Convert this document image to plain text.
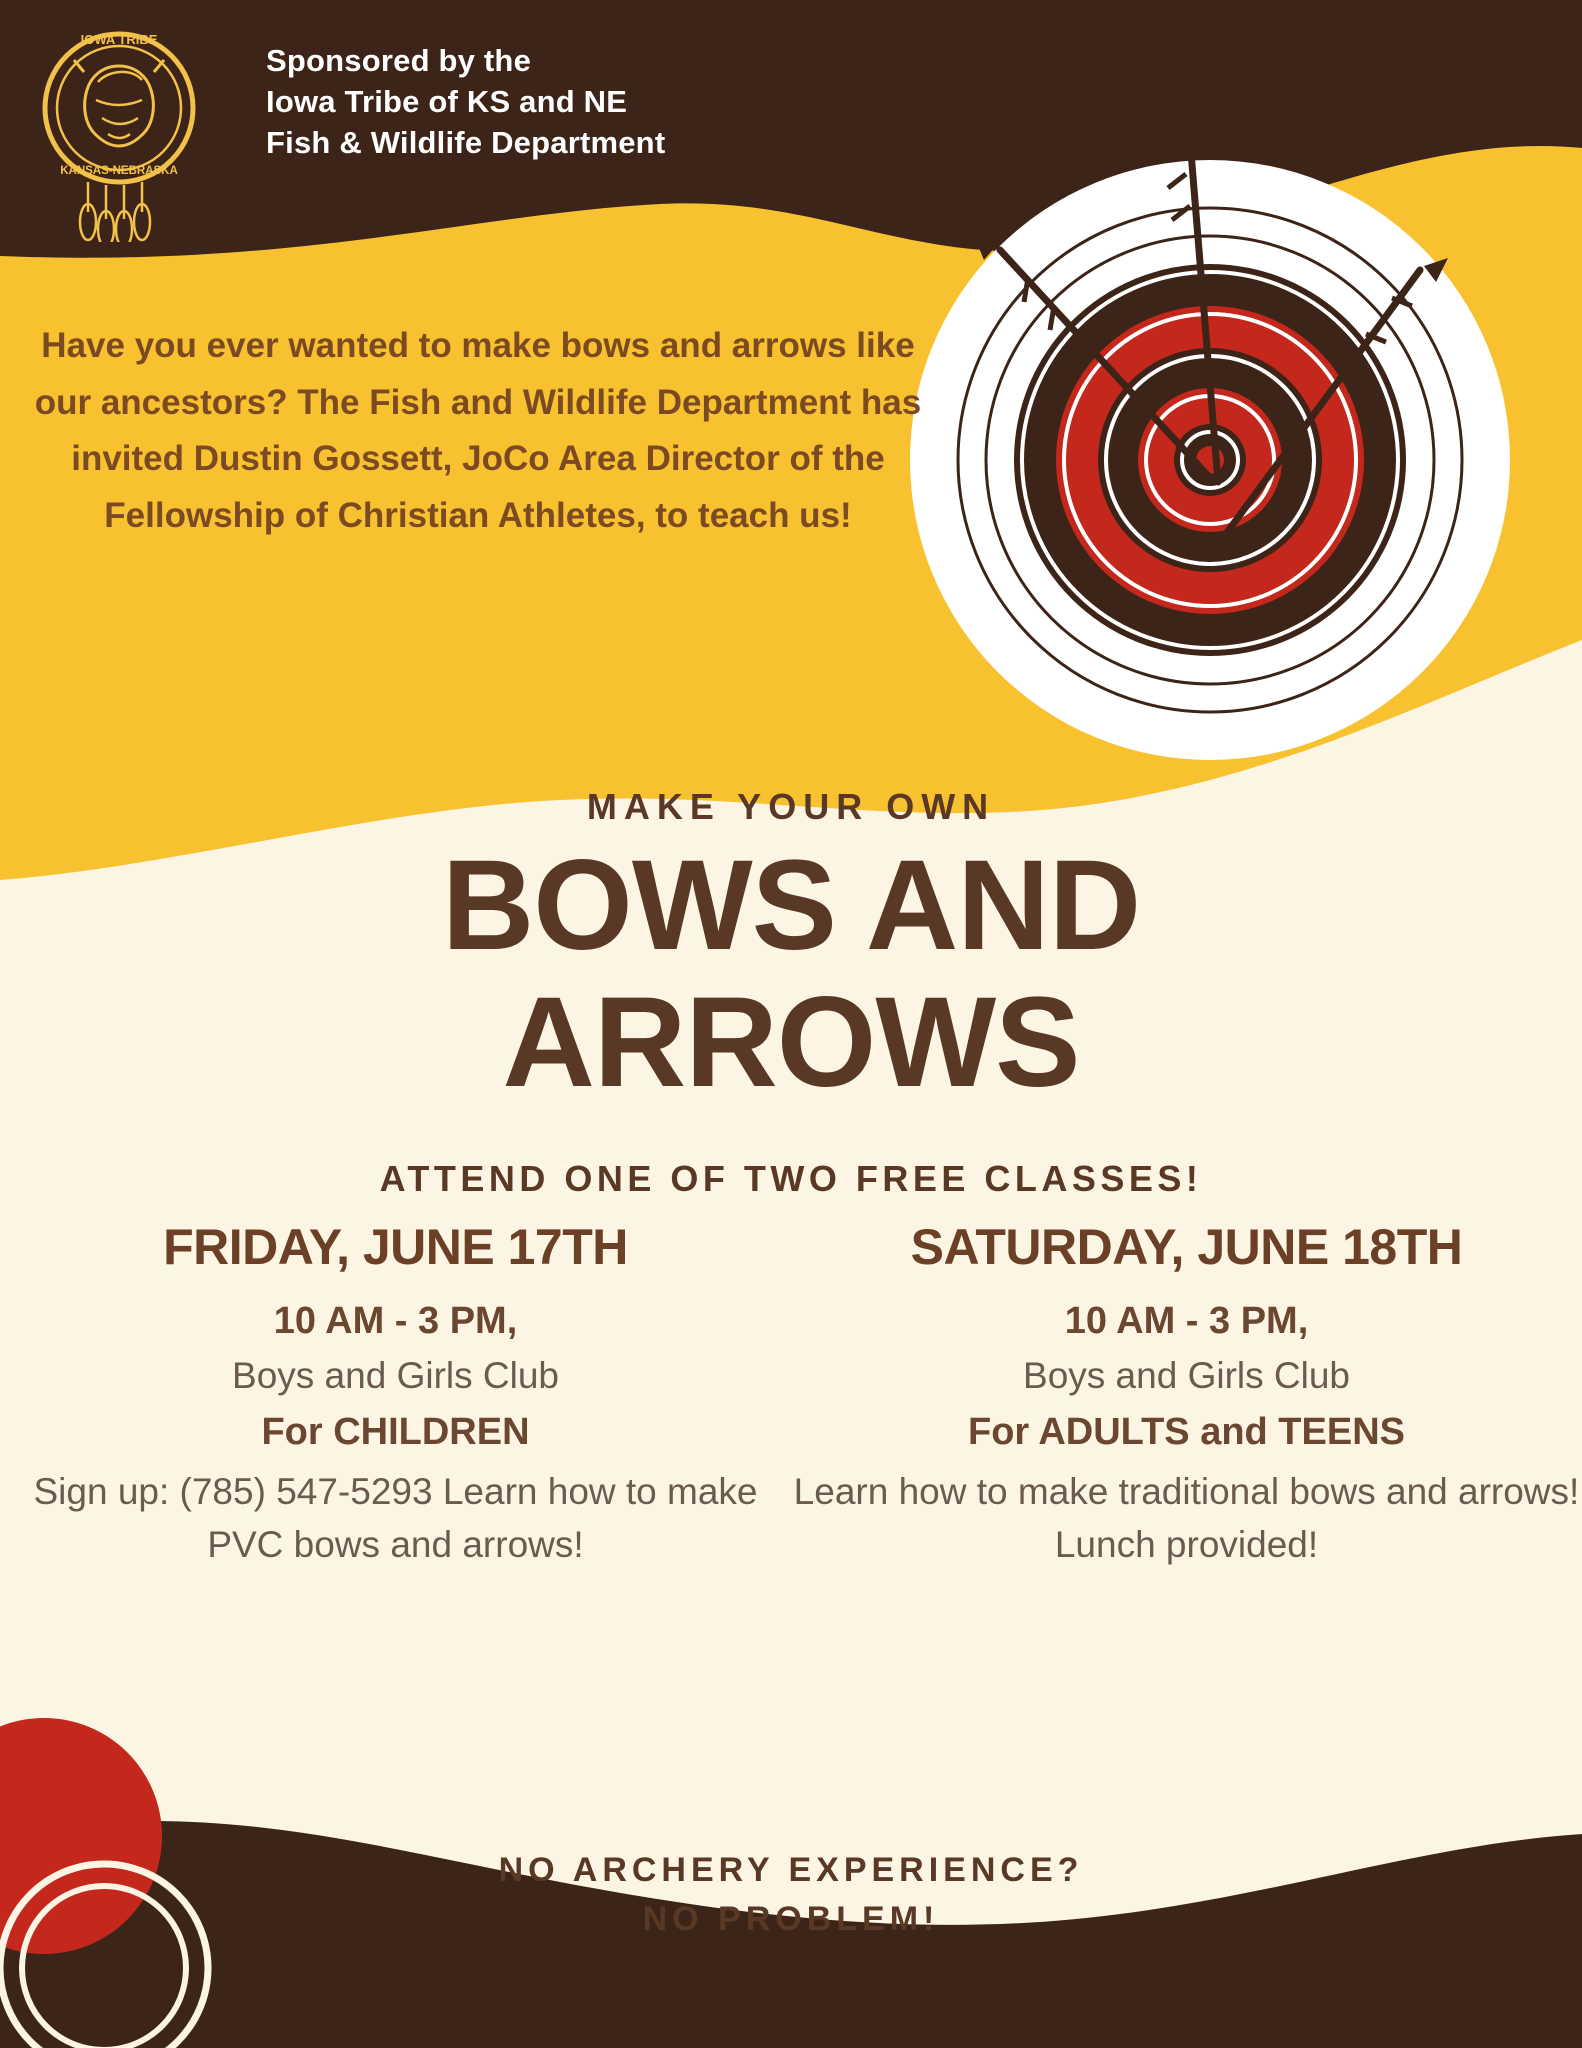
IOWA TRIBE
KANSAS-NEBRASKA
Sponsored by the
Iowa Tribe of KS and NE
Fish & Wildlife Department

Have you ever wanted to make bows and arrows like our ancestors? The Fish and Wildlife Department has invited Dustin Gossett, JoCo Area Director of the Fellowship of Christian Athletes, to teach us!

MAKE YOUR OWN
BOWS AND
ARROWS
ATTEND ONE OF TWO FREE CLASSES!
FRIDAY, JUNE 17TH
10 AM - 3 PM,
Boys and Girls Club
For CHILDREN
Sign up: (785) 547-5293 Learn how to make PVC bows and arrows!
SATURDAY, JUNE 18TH
10 AM - 3 PM,
Boys and Girls Club
For ADULTS and TEENS
Learn how to make traditional bows and arrows! Lunch provided!
NO ARCHERY EXPERIENCE?
NO PROBLEM!
